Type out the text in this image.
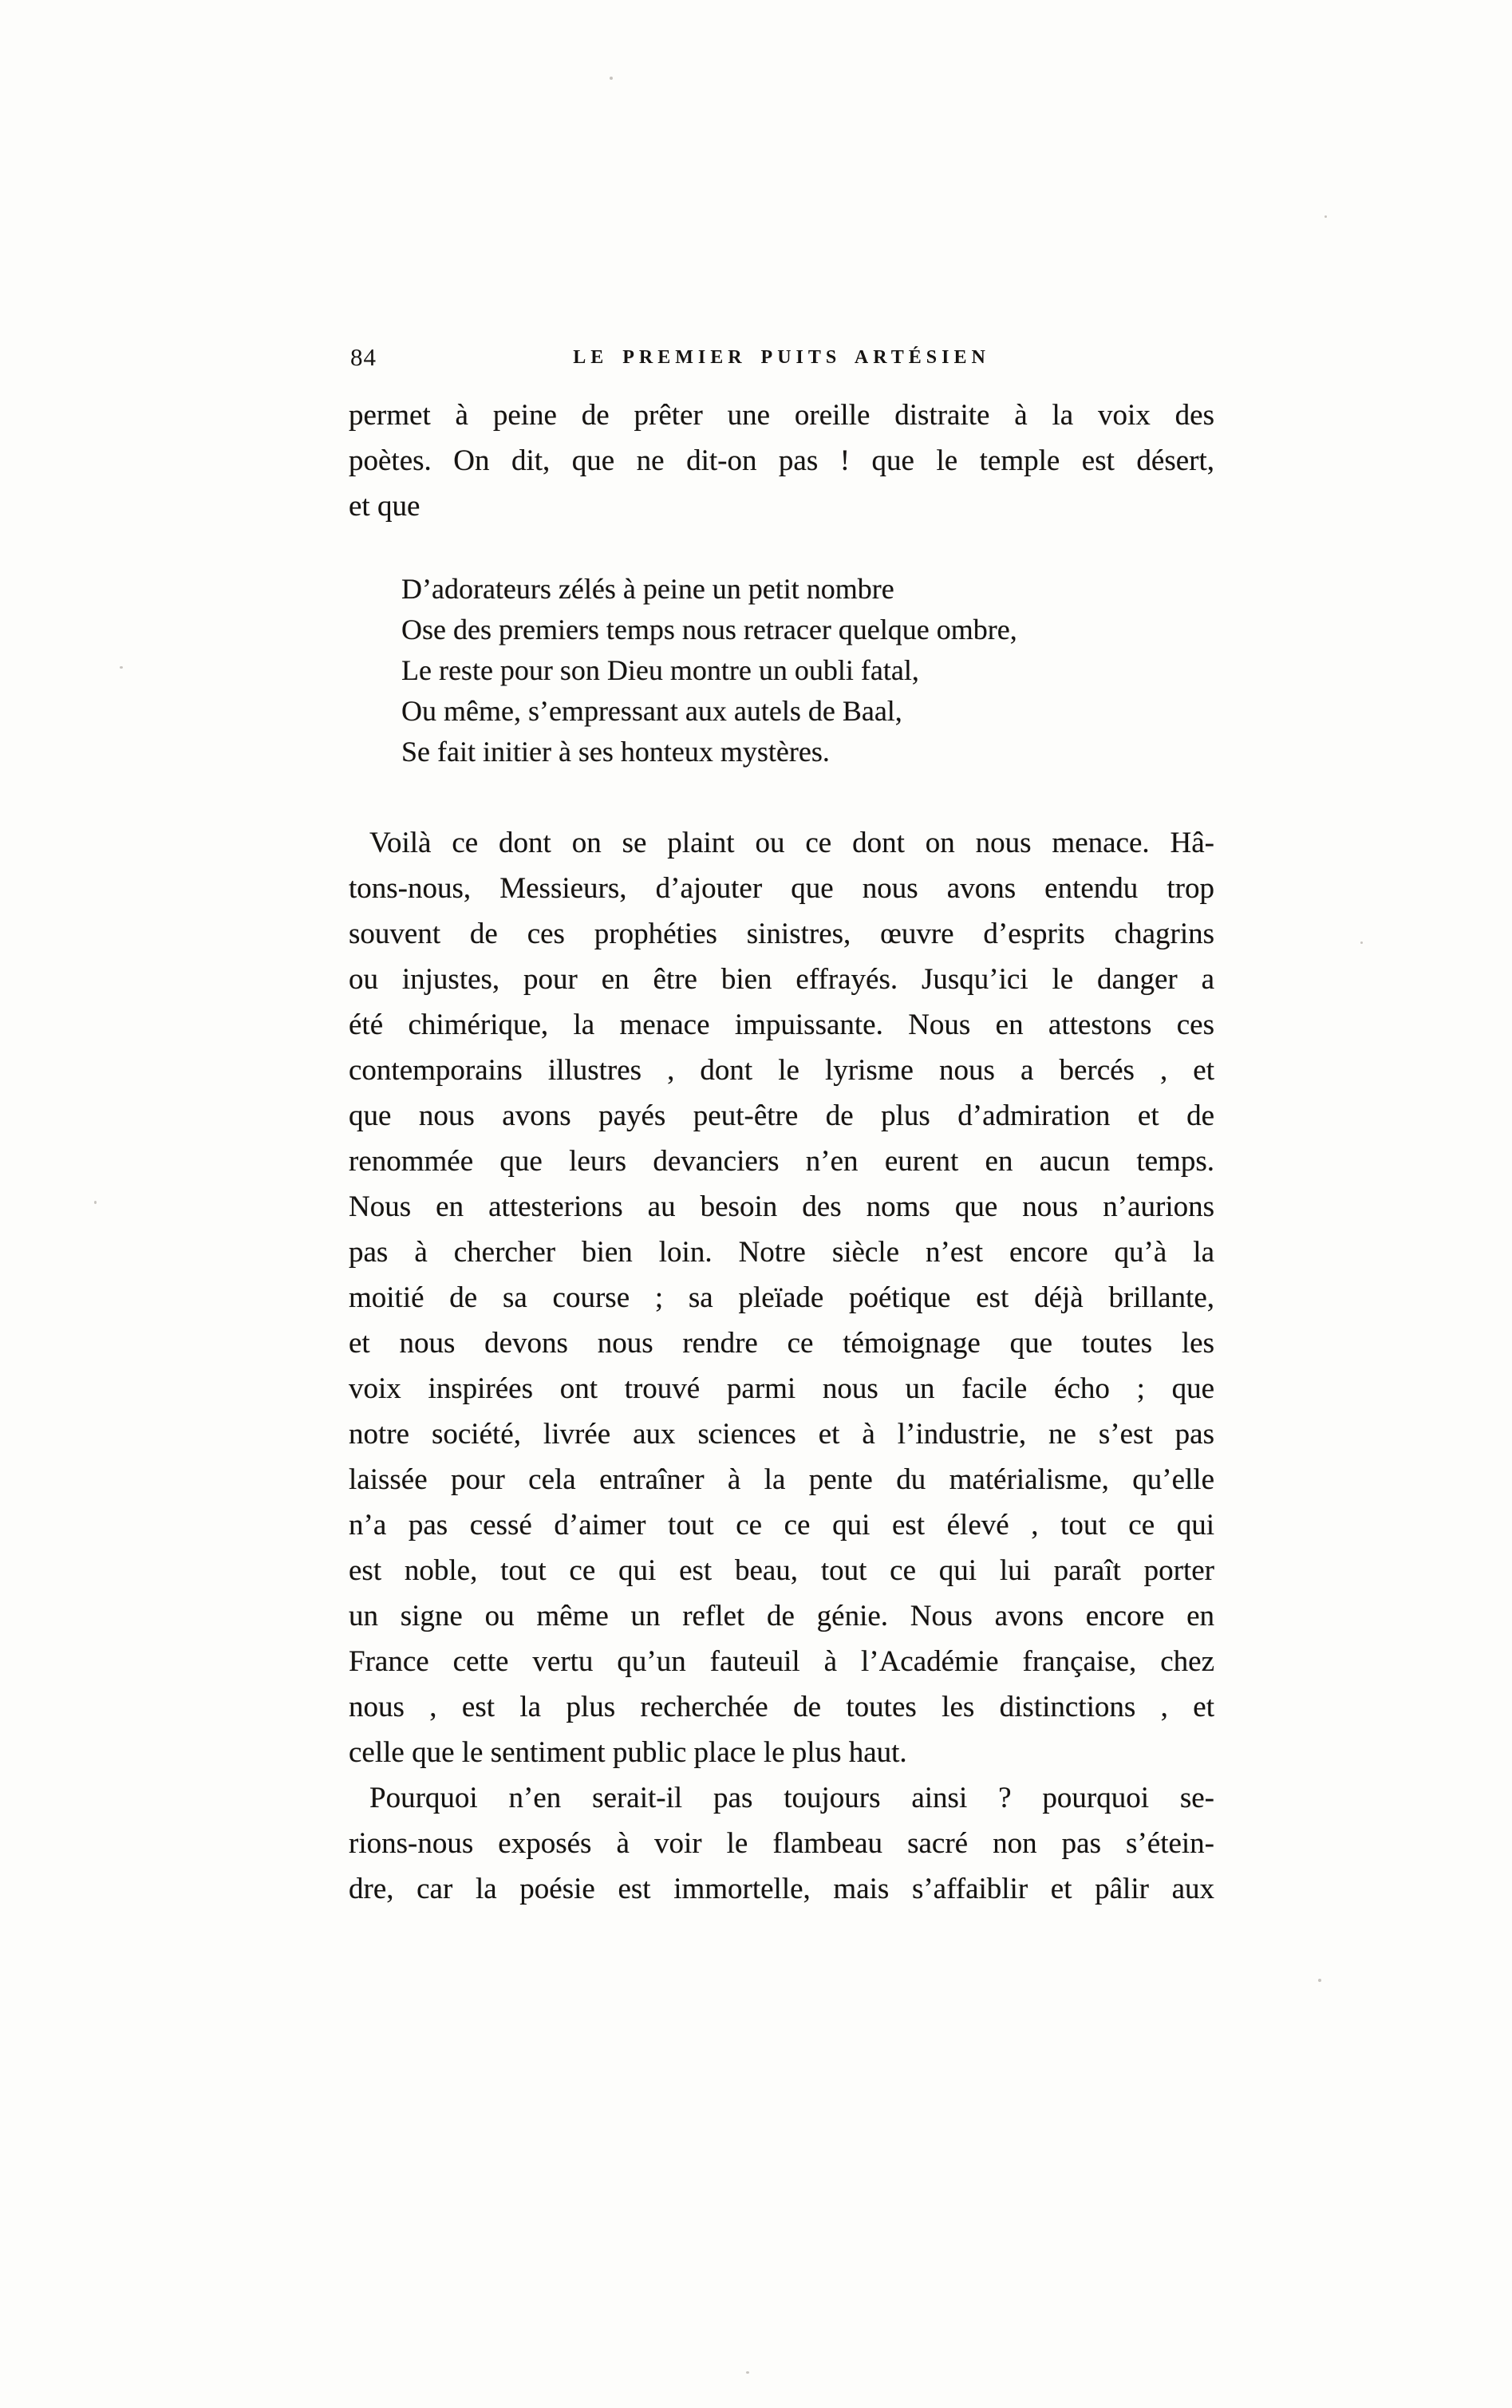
84	LE PREMIER PUITS ARTÉSIEN
permet à peine de prêter une oreille distraite à la voix des
poètes. On dit, que ne dit-on pas ! que le temple est désert,
et que
D’adorateurs zélés à peine un petit nombre
Ose des premiers temps nous retracer quelque ombre,
Le reste pour son Dieu montre un oubli fatal,
Ou même, s’empressant aux autels de Baal,
Se fait initier à ses honteux mystères.
Voilà ce dont on se plaint ou ce dont on nous menace. Hâ-
tons-nous, Messieurs, d’ajouter que nous avons entendu trop
souvent de ces prophéties sinistres, œuvre d’esprits chagrins
ou injustes, pour en être bien effrayés. Jusqu’ici le danger a
été chimérique, la menace impuissante. Nous en attestons ces
contemporains illustres , dont le lyrisme nous a bercés , et
que nous avons payés peut-être de plus d’admiration et de
renommée que leurs devanciers n’en eurent en aucun temps.
Nous en attesterions au besoin des noms que nous n’aurions
pas à chercher bien loin. Notre siècle n’est encore qu’à la
moitié de sa course ; sa pleïade poétique est déjà brillante,
et nous devons nous rendre ce témoignage que toutes les
voix inspirées ont trouvé parmi nous un facile écho ; que
notre société, livrée aux sciences et à l’industrie, ne s’est pas
laissée pour cela entraîner à la pente du matérialisme, qu’elle
n’a pas cessé d’aimer tout ce ce qui est élevé , tout ce qui
est noble, tout ce qui est beau, tout ce qui lui paraît porter
un signe ou même un reflet de génie. Nous avons encore en
France cette vertu qu’un fauteuil à l’Académie française, chez
nous , est la plus recherchée de toutes les distinctions , et
celle que le sentiment public place le plus haut.
Pourquoi n’en serait-il pas toujours ainsi ? pourquoi se-
rions-nous exposés à voir le flambeau sacré non pas s’étein-
dre, car la poésie est immortelle, mais s’affaiblir et pâlir aux
